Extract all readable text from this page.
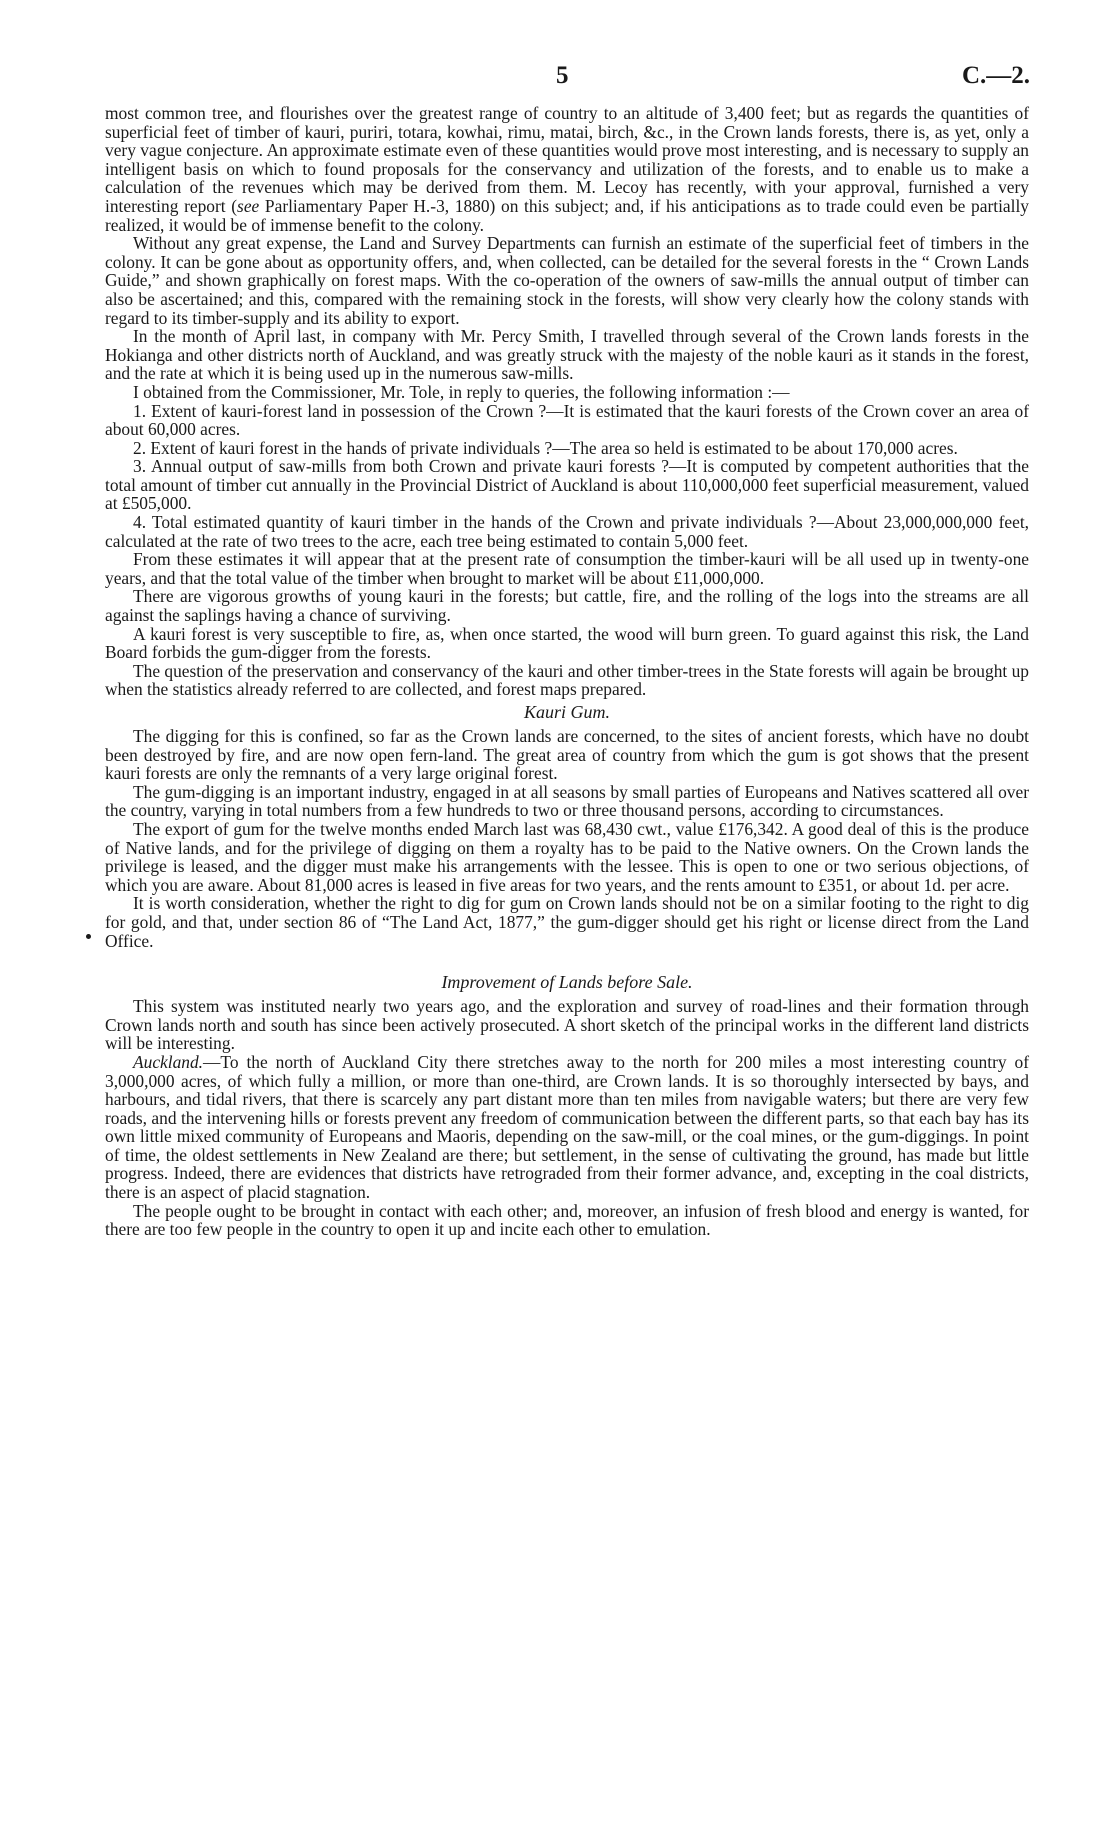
5	C.—2.

most common tree, and flourishes over the greatest range of country to an altitude of 3,400 feet; but as regards the quantities of superficial feet of timber of kauri, puriri, totara, kowhai, rimu, matai, birch, &c., in the Crown lands forests, there is, as yet, only a very vague conjecture. An approximate estimate even of these quantities would prove most interesting, and is necessary to supply an intelligent basis on which to found proposals for the conservancy and utilization of the forests, and to enable us to make a calculation of the revenues which may be derived from them. M. Lecoy has recently, with your approval, furnished a very interesting report (see Parliamentary Paper H.-3, 1880) on this subject; and, if his anticipations as to trade could even be partially realized, it would be of immense benefit to the colony.

Without any great expense, the Land and Survey Departments can furnish an estimate of the superficial feet of timbers in the colony. It can be gone about as opportunity offers, and, when collected, can be detailed for the several forests in the “ Crown Lands Guide,” and shown graphically on forest maps. With the co-operation of the owners of saw-mills the annual output of timber can also be ascertained; and this, compared with the remaining stock in the forests, will show very clearly how the colony stands with regard to its timber-supply and its ability to export.

In the month of April last, in company with Mr. Percy Smith, I travelled through several of the Crown lands forests in the Hokianga and other districts north of Auckland, and was greatly struck with the majesty of the noble kauri as it stands in the forest, and the rate at which it is being used up in the numerous saw-mills.

I obtained from the Commissioner, Mr. Tole, in reply to queries, the following information :—

1. Extent of kauri-forest land in possession of the Crown ?—It is estimated that the kauri forests of the Crown cover an area of about 60,000 acres.

2. Extent of kauri forest in the hands of private individuals ?—The area so held is estimated to be about 170,000 acres.

3. Annual output of saw-mills from both Crown and private kauri forests ?—It is computed by competent authorities that the total amount of timber cut annually in the Provincial District of Auckland is about 110,000,000 feet superficial measurement, valued at £505,000.

4. Total estimated quantity of kauri timber in the hands of the Crown and private individuals ?—About 23,000,000,000 feet, calculated at the rate of two trees to the acre, each tree being estimated to contain 5,000 feet.

From these estimates it will appear that at the present rate of consumption the timber-kauri will be all used up in twenty-one years, and that the total value of the timber when brought to market will be about £11,000,000.

There are vigorous growths of young kauri in the forests; but cattle, fire, and the rolling of the logs into the streams are all against the saplings having a chance of surviving.

A kauri forest is very susceptible to fire, as, when once started, the wood will burn green. To guard against this risk, the Land Board forbids the gum-digger from the forests.

The question of the preservation and conservancy of the kauri and other timber-trees in the State forests will again be brought up when the statistics already referred to are collected, and forest maps prepared.

Kauri Gum.

The digging for this is confined, so far as the Crown lands are concerned, to the sites of ancient forests, which have no doubt been destroyed by fire, and are now open fern-land. The great area of country from which the gum is got shows that the present kauri forests are only the remnants of a very large original forest.

The gum-digging is an important industry, engaged in at all seasons by small parties of Europeans and Natives scattered all over the country, varying in total numbers from a few hundreds to two or three thousand persons, according to circumstances.

The export of gum for the twelve months ended March last was 68,430 cwt., value £176,342. A good deal of this is the produce of Native lands, and for the privilege of digging on them a royalty has to be paid to the Native owners. On the Crown lands the privilege is leased, and the digger must make his arrangements with the lessee. This is open to one or two serious objections, of which you are aware. About 81,000 acres is leased in five areas for two years, and the rents amount to £351, or about 1d. per acre.

It is worth consideration, whether the right to dig for gum on Crown lands should not be on a similar footing to the right to dig for gold, and that, under section 86 of “The Land Act, 1877,” the gum-digger should get his right or license direct from the Land Office.

Improvement of Lands before Sale.

This system was instituted nearly two years ago, and the exploration and survey of road-lines and their formation through Crown lands north and south has since been actively prosecuted. A short sketch of the principal works in the different land districts will be interesting.

Auckland.—To the north of Auckland City there stretches away to the north for 200 miles a most interesting country of 3,000,000 acres, of which fully a million, or more than one-third, are Crown lands. It is so thoroughly intersected by bays, and harbours, and tidal rivers, that there is scarcely any part distant more than ten miles from navigable waters; but there are very few roads, and the intervening hills or forests prevent any freedom of communication between the different parts, so that each bay has its own little mixed community of Europeans and Maoris, depending on the saw-mill, or the coal mines, or the gum-diggings. In point of time, the oldest settlements in New Zealand are there; but settlement, in the sense of cultivating the ground, has made but little progress. Indeed, there are evidences that districts have retrograded from their former advance, and, excepting in the coal districts, there is an aspect of placid stagnation.

The people ought to be brought in contact with each other; and, moreover, an infusion of fresh blood and energy is wanted, for there are too few people in the country to open it up and incite each other to emulation.
